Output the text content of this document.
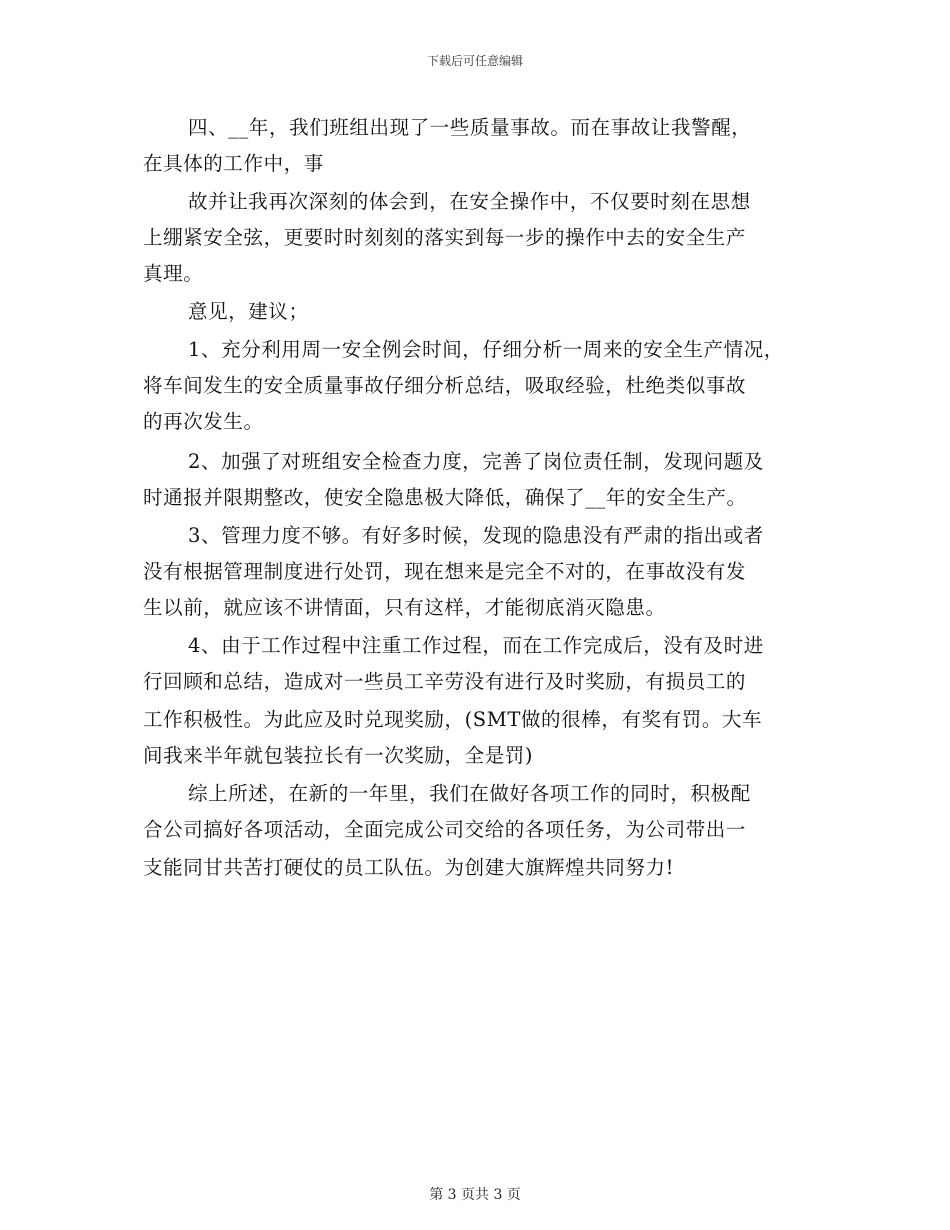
下载后可任意编辑
四、__年，我们班组出现了一些质量事故。而在事故让我警醒，
在具体的工作中，事
故并让我再次深刻的体会到，在安全操作中，不仅要时刻在思想
上绷紧安全弦，更要时时刻刻的落实到每一步的操作中去的安全生产
真理。
意见，建议；
1、充分利用周一安全例会时间，仔细分析一周来的安全生产情况，
将车间发生的安全质量事故仔细分析总结，吸取经验，杜绝类似事故
的再次发生。
2、加强了对班组安全检查力度，完善了岗位责任制，发现问题及
时通报并限期整改，使安全隐患极大降低，确保了__年的安全生产。
3、管理力度不够。有好多时候，发现的隐患没有严肃的指出或者
没有根据管理制度进行处罚，现在想来是完全不对的，在事故没有发
生以前，就应该不讲情面，只有这样，才能彻底消灭隐患。
4、由于工作过程中注重工作过程，而在工作完成后，没有及时进
行回顾和总结，造成对一些员工辛劳没有进行及时奖励，有损员工的
工作积极性。为此应及时兑现奖励，(SMT做的很棒，有奖有罚。大车
间我来半年就包装拉长有一次奖励，全是罚)
综上所述，在新的一年里，我们在做好各项工作的同时，积极配
合公司搞好各项活动，全面完成公司交给的各项任务，为公司带出一
支能同甘共苦打硬仗的员工队伍。为创建大旗辉煌共同努力!
第 3 页共 3 页
